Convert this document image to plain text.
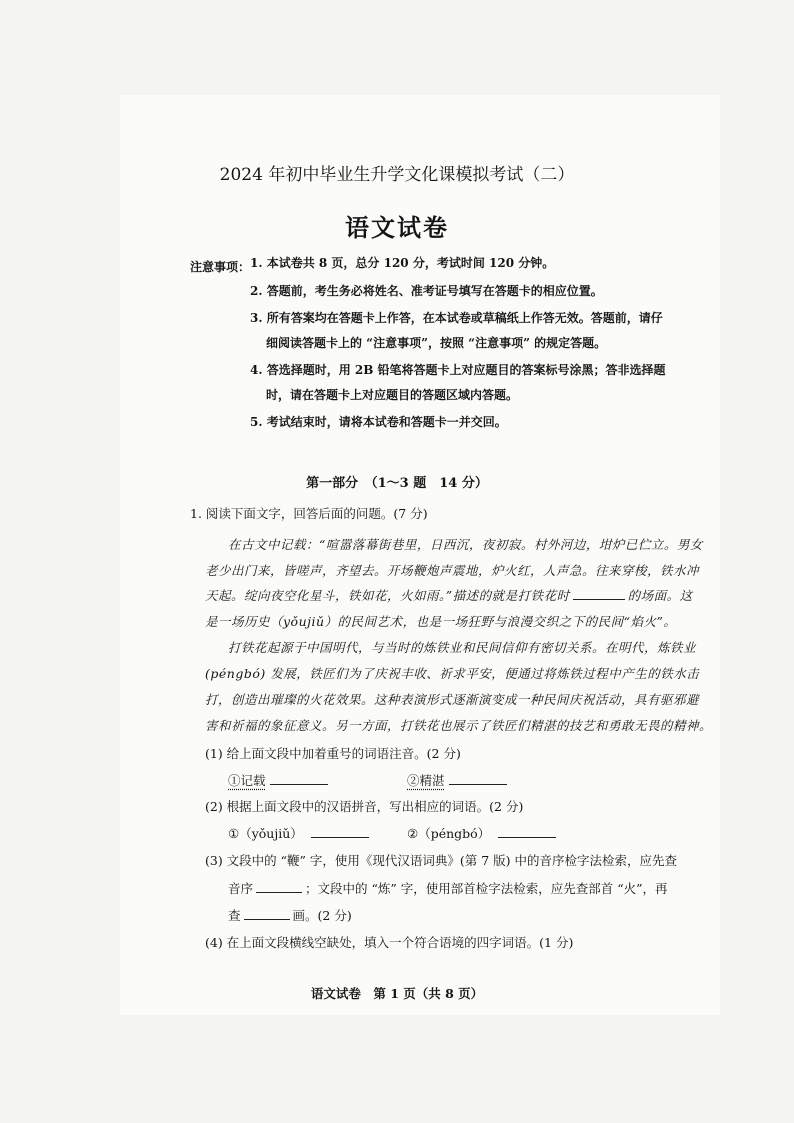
2024 年初中毕业生升学文化课模拟考试（二）
语文试卷
注意事项： 1. 本试卷共 8 页，总分 120 分，考试时间 120 分钟。
2. 答题前，考生务必将姓名、准考证号填写在答题卡的相应位置。
3. 所有答案均在答题卡上作答，在本试卷或草稿纸上作答无效。答题前，请仔
细阅读答题卡上的 “注意事项”，按照 “注意事项” 的规定答题。
4. 答选择题时，用 2B 铅笔将答题卡上对应题目的答案标号涂黑；答非选择题
时，请在答题卡上对应题目的答题区域内答题。
5. 考试结束时，请将本试卷和答题卡一并交回。
第一部分　（1～3 题　14 分）
1. 阅读下面文字，回答后面的问题。(7 分)
在古文中记载：“喧嚣落幕街巷里，日西沉，夜初寂。村外河边，坩炉已伫立。男女
老少出门来，皆嗟声，齐望去。开场鞭炮声震地，炉火红，人声急。往来穿梭，铁水冲
天起。绽向夜空化星斗，铁如花，火如雨。”描述的就是打铁花时	的场面。这
是一场历史（yǒujiǔ）的民间艺术，也是一场狂野与浪漫交织之下的民间“焰火”。
打铁花起源于中国明代，与当时的炼铁业和民间信仰有密切关系。在明代，炼铁业
(péngbó) 发展，铁匠们为了庆祝丰收、祈求平安，便通过将炼铁过程中产生的铁水击
打，创造出璀璨的火花效果。这种表演形式逐渐演变成一种民间庆祝活动，具有驱邪避
害和祈福的象征意义。另一方面，打铁花也展示了铁匠们精湛的技艺和勇敢无畏的精神。
(1) 给上面文段中加着重号的词语注音。(2 分)
①记载	②精湛
(2) 根据上面文段中的汉语拼音，写出相应的词语。(2 分)
①（yǒujiǔ）	②（péngbó）
(3) 文段中的 “鞭” 字，使用《现代汉语词典》(第 7 版) 中的音序检字法检索，应先查
音序	；文段中的 “炼” 字，使用部首检字法检索，应先查部首 “火”，再
查	画。(2 分)
(4) 在上面文段横线空缺处，填入一个符合语境的四字词语。(1 分)
语文试卷　第 1 页（共 8 页）
